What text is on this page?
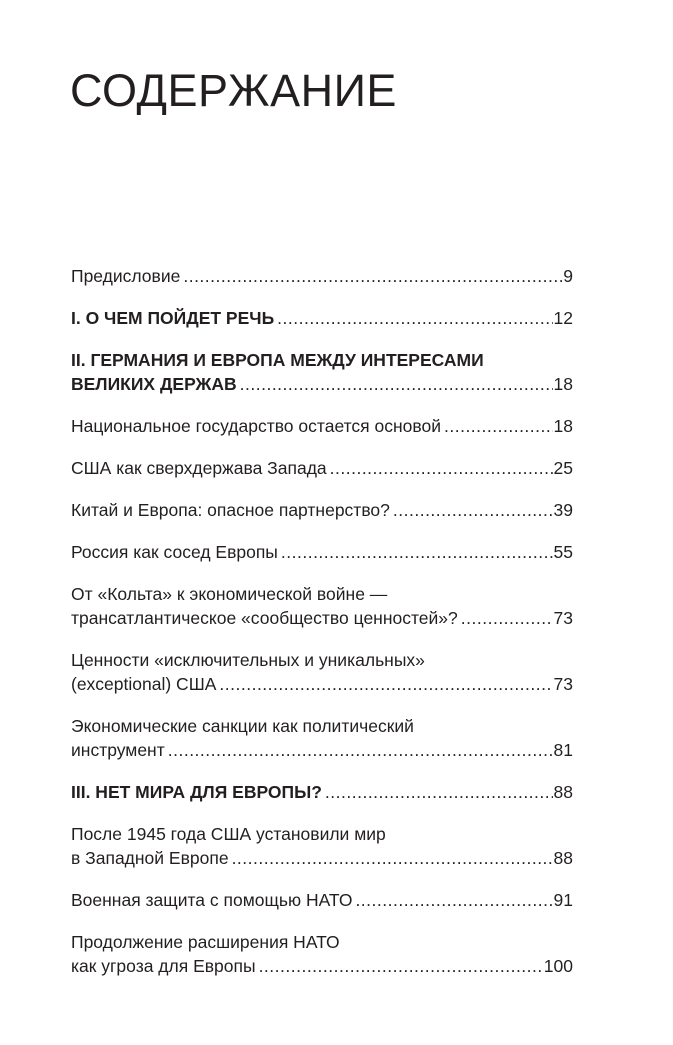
СОДЕРЖАНИЕ
Предисловие .....	9
I. О ЧЕМ ПОЙДЕТ РЕЧЬ .....	12
II. ГЕРМАНИЯ И ЕВРОПА МЕЖДУ ИНТЕРЕСАМИ
ВЕЛИКИХ ДЕРЖАВ .....	18
Национальное государство остается основой .....	18
США как сверхдержава Запада .....	25
Китай и Европа: опасное партнерство? .....	39
Россия как сосед Европы .....	55
От «Кольта» к экономической войне —
трансатлантическое «сообщество ценностей»? .....	73
Ценности «исключительных и уникальных»
(exceptional) США .....	73
Экономические санкции как политический
инструмент .....	81
III. НЕТ МИРА ДЛЯ ЕВРОПЫ? .....	88
После 1945 года США установили мир
в Западной Европе .....	88
Военная защита с помощью НАТО .....	91
Продолжение расширения НАТО
как угроза для Европы .....	100
